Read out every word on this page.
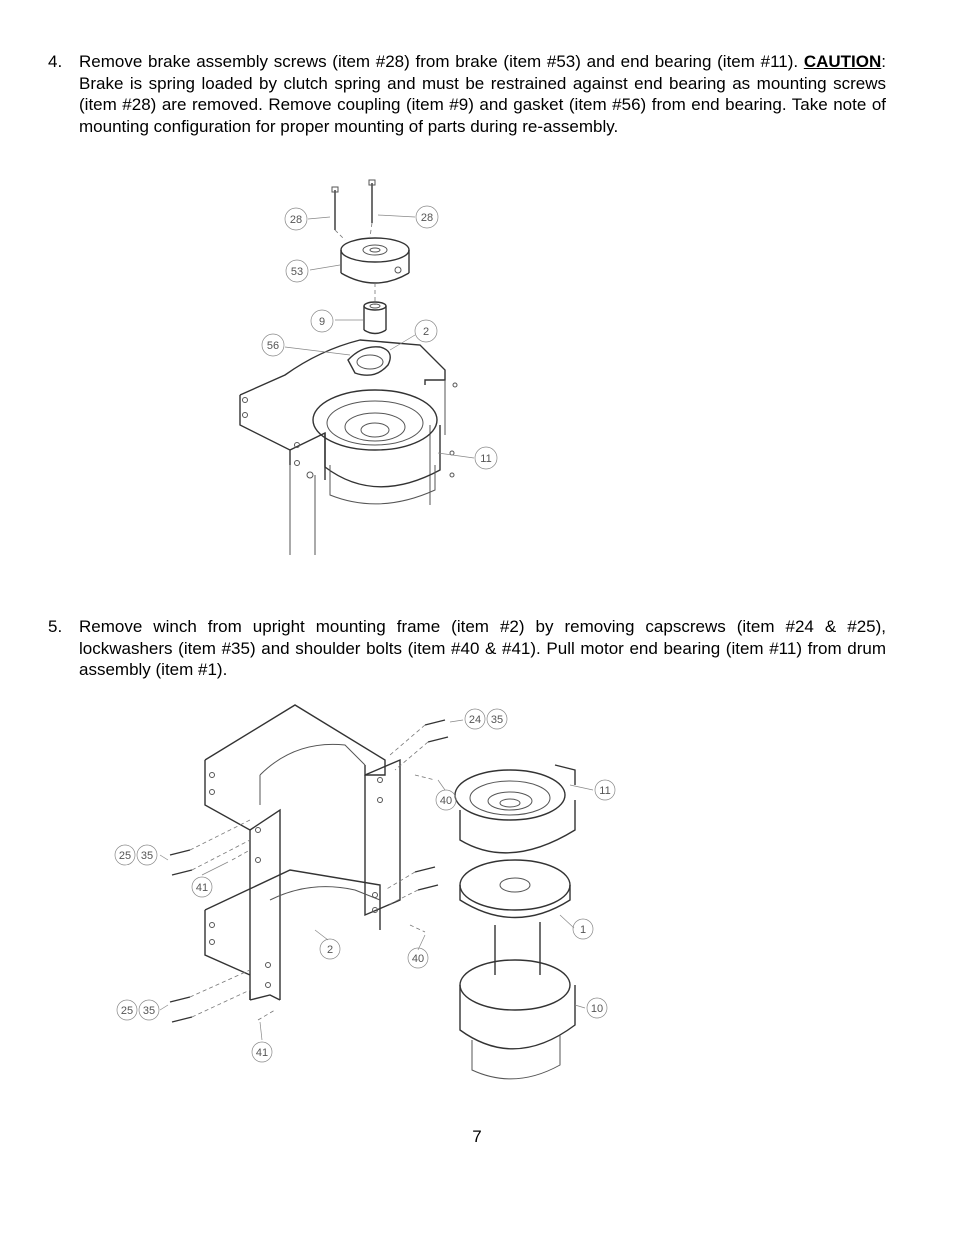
4. Remove brake assembly screws (item #28) from brake (item #53) and end bearing (item #11). CAUTION: Brake is spring loaded by clutch spring and must be restrained against end bearing as mounting screws (item #28) are removed. Remove coupling (item #9) and gasket (item #56) from end bearing. Take note of mounting configuration for proper mounting of parts during re-assembly.
28	28
53
9
2
56
11
5. Remove winch from upright mounting frame (item #2) by removing capscrews (item #24 & #25), lockwashers (item #35) and shoulder bolts (item #40 & #41). Pull motor end bearing (item #11) from drum assembly (item #1).
24 35
40
11
25 35
41
1
2
40
25 35	10
41
7
